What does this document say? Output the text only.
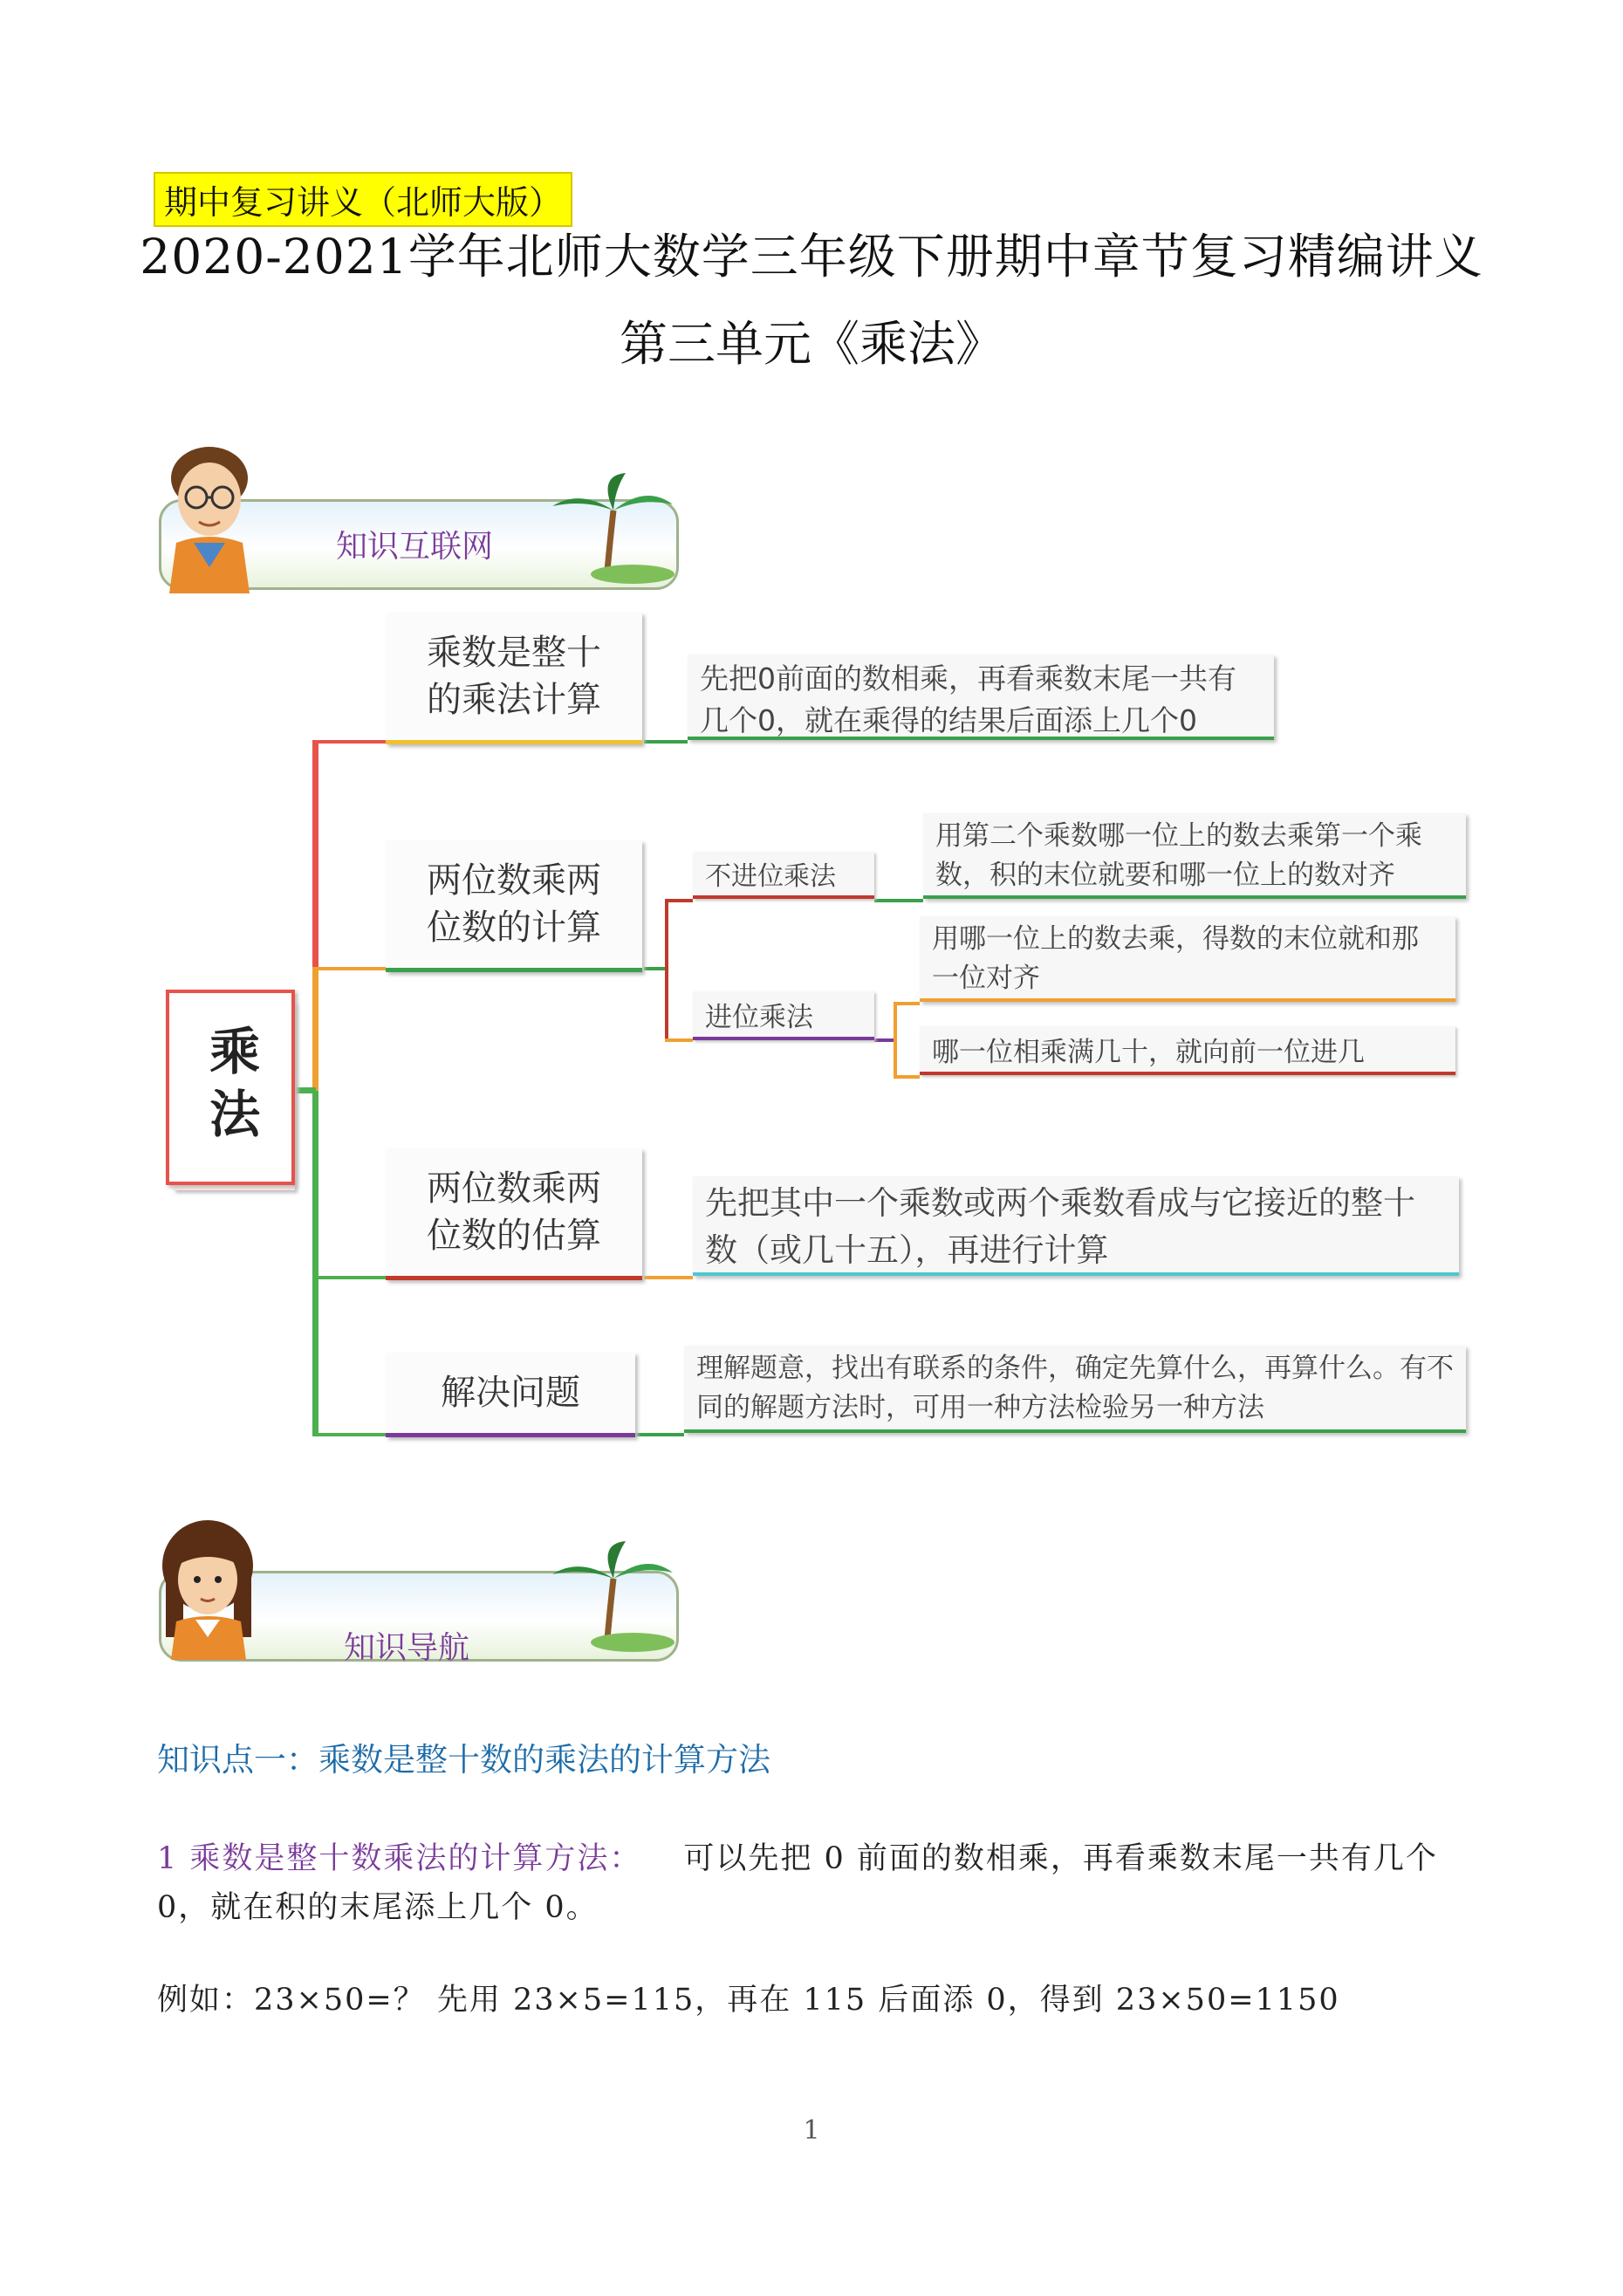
期中复习讲义（北师大版）
2020-2021学年北师大数学三年级下册期中章节复习精编讲义
第三单元《乘法》
知识互联网
乘法
乘数是整十
的乘法计算
先把0前面的数相乘，再看乘数末尾一共有几个0，就在乘得的结果后面添上几个0
两位数乘两
位数的计算
不进位乘法
用第二个乘数哪一位上的数去乘第一个乘数，积的末位就要和哪一位上的数对齐
进位乘法
用哪一位上的数去乘，得数的末位就和那一位对齐
哪一位相乘满几十，就向前一位进几
两位数乘两
位数的估算
先把其中一个乘数或两个乘数看成与它接近的整十数（或几十五），再进行计算
解决问题
理解题意，找出有联系的条件，确定先算什么，再算什么。有不同的解题方法时，可用一种方法检验另一种方法
知识导航
知识点一：乘数是整十数的乘法的计算方法
1 乘数是整十数乘法的计算方法： 可以先把 0 前面的数相乘，再看乘数末尾一共有几个
0，就在积的末尾添上几个 0。
例如：23×50=？ 先用 23×5=115，再在 115 后面添 0，得到 23×50=1150
1
